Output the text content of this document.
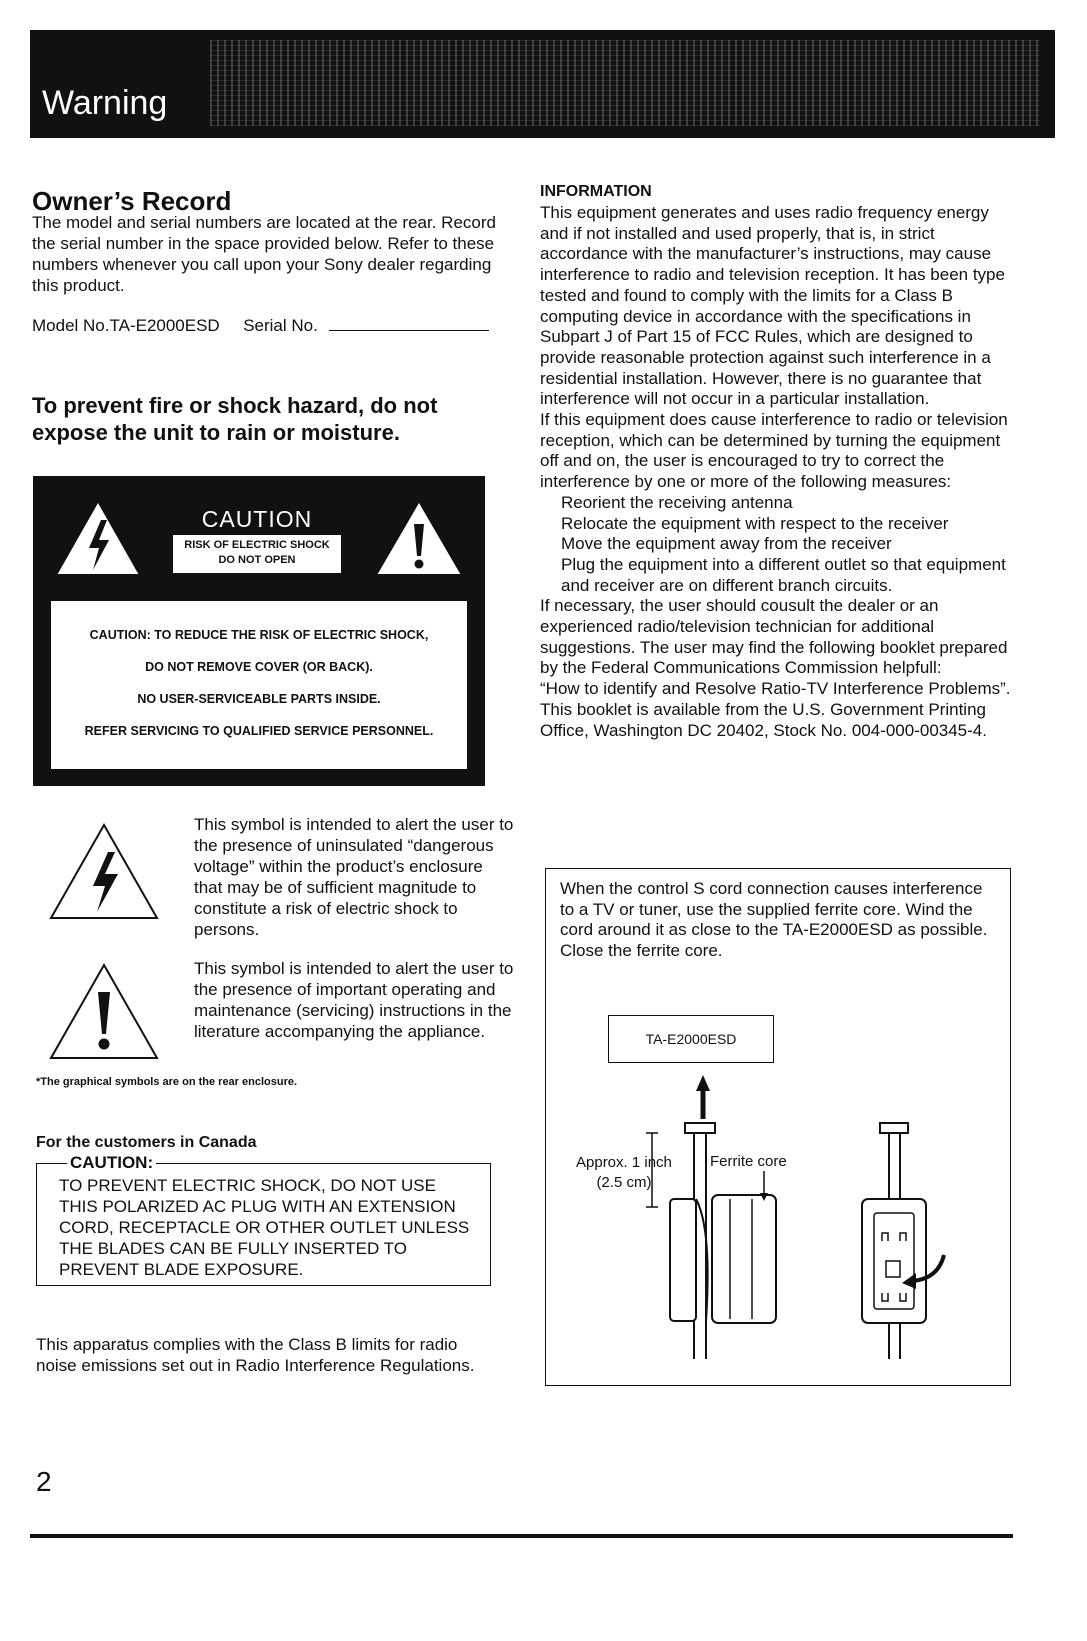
Warning
Owner’s Record
The model and serial numbers are located at the rear. Record the serial number in the space provided below. Refer to these numbers whenever you call upon your Sony dealer regarding this product.
Model No.TA-E2000ESD Serial No.
To prevent fire or shock hazard, do not expose the unit to rain or moisture.
CAUTION
RISK OF ELECTRIC SHOCK
DO NOT OPEN
CAUTION: TO REDUCE THE RISK OF ELECTRIC SHOCK,
DO NOT REMOVE COVER (OR BACK).
NO USER-SERVICEABLE PARTS INSIDE.
REFER SERVICING TO QUALIFIED SERVICE PERSONNEL.
This symbol is intended to alert the user to the presence of uninsulated “dangerous voltage” within the product’s enclosure that may be of sufficient magnitude to constitute a risk of electric shock to persons.
This symbol is intended to alert the user to the presence of important operating and maintenance (servicing) instructions in the literature accompanying the appliance.
*The graphical symbols are on the rear enclosure.
For the customers in Canada
CAUTION:
TO PREVENT ELECTRIC SHOCK, DO NOT USE THIS POLARIZED AC PLUG WITH AN EXTENSION CORD, RECEPTACLE OR OTHER OUTLET UNLESS THE BLADES CAN BE FULLY INSERTED TO PREVENT BLADE EXPOSURE.
This apparatus complies with the Class B limits for radio noise emissions set out in Radio Interference Regulations.
2
INFORMATION
This equipment generates and uses radio frequency energy and if not installed and used properly, that is, in strict accordance with the manufacturer’s instructions, may cause interference to radio and television reception. It has been type tested and found to comply with the limits for a Class B computing device in accordance with the specifications in Subpart J of Part 15 of FCC Rules, which are designed to provide reasonable protection against such interference in a residential installation. However, there is no guarantee that interference will not occur in a particular installation.
If this equipment does cause interference to radio or television reception, which can be determined by turning the equipment off and on, the user is encouraged to try to correct the interference by one or more of the following measures:
Reorient the receiving antenna
Relocate the equipment with respect to the receiver
Move the equipment away from the receiver
Plug the equipment into a different outlet so that equipment and receiver are on different branch circuits.
If necessary, the user should cousult the dealer or an experienced radio/television technician for additional suggestions. The user may find the following booklet prepared by the Federal Communications Commission helpfull:
“How to identify and Resolve Ratio-TV Interference Problems”. This booklet is available from the U.S. Government Printing Office, Washington DC 20402, Stock No. 004-000-00345-4.
When the control S cord connection causes interference to a TV or tuner, use the supplied ferrite core. Wind the cord around it as close to the TA-E2000ESD as possible. Close the ferrite core.
TA-E2000ESD
Approx. 1 inch
(2.5 cm)
Ferrite core
